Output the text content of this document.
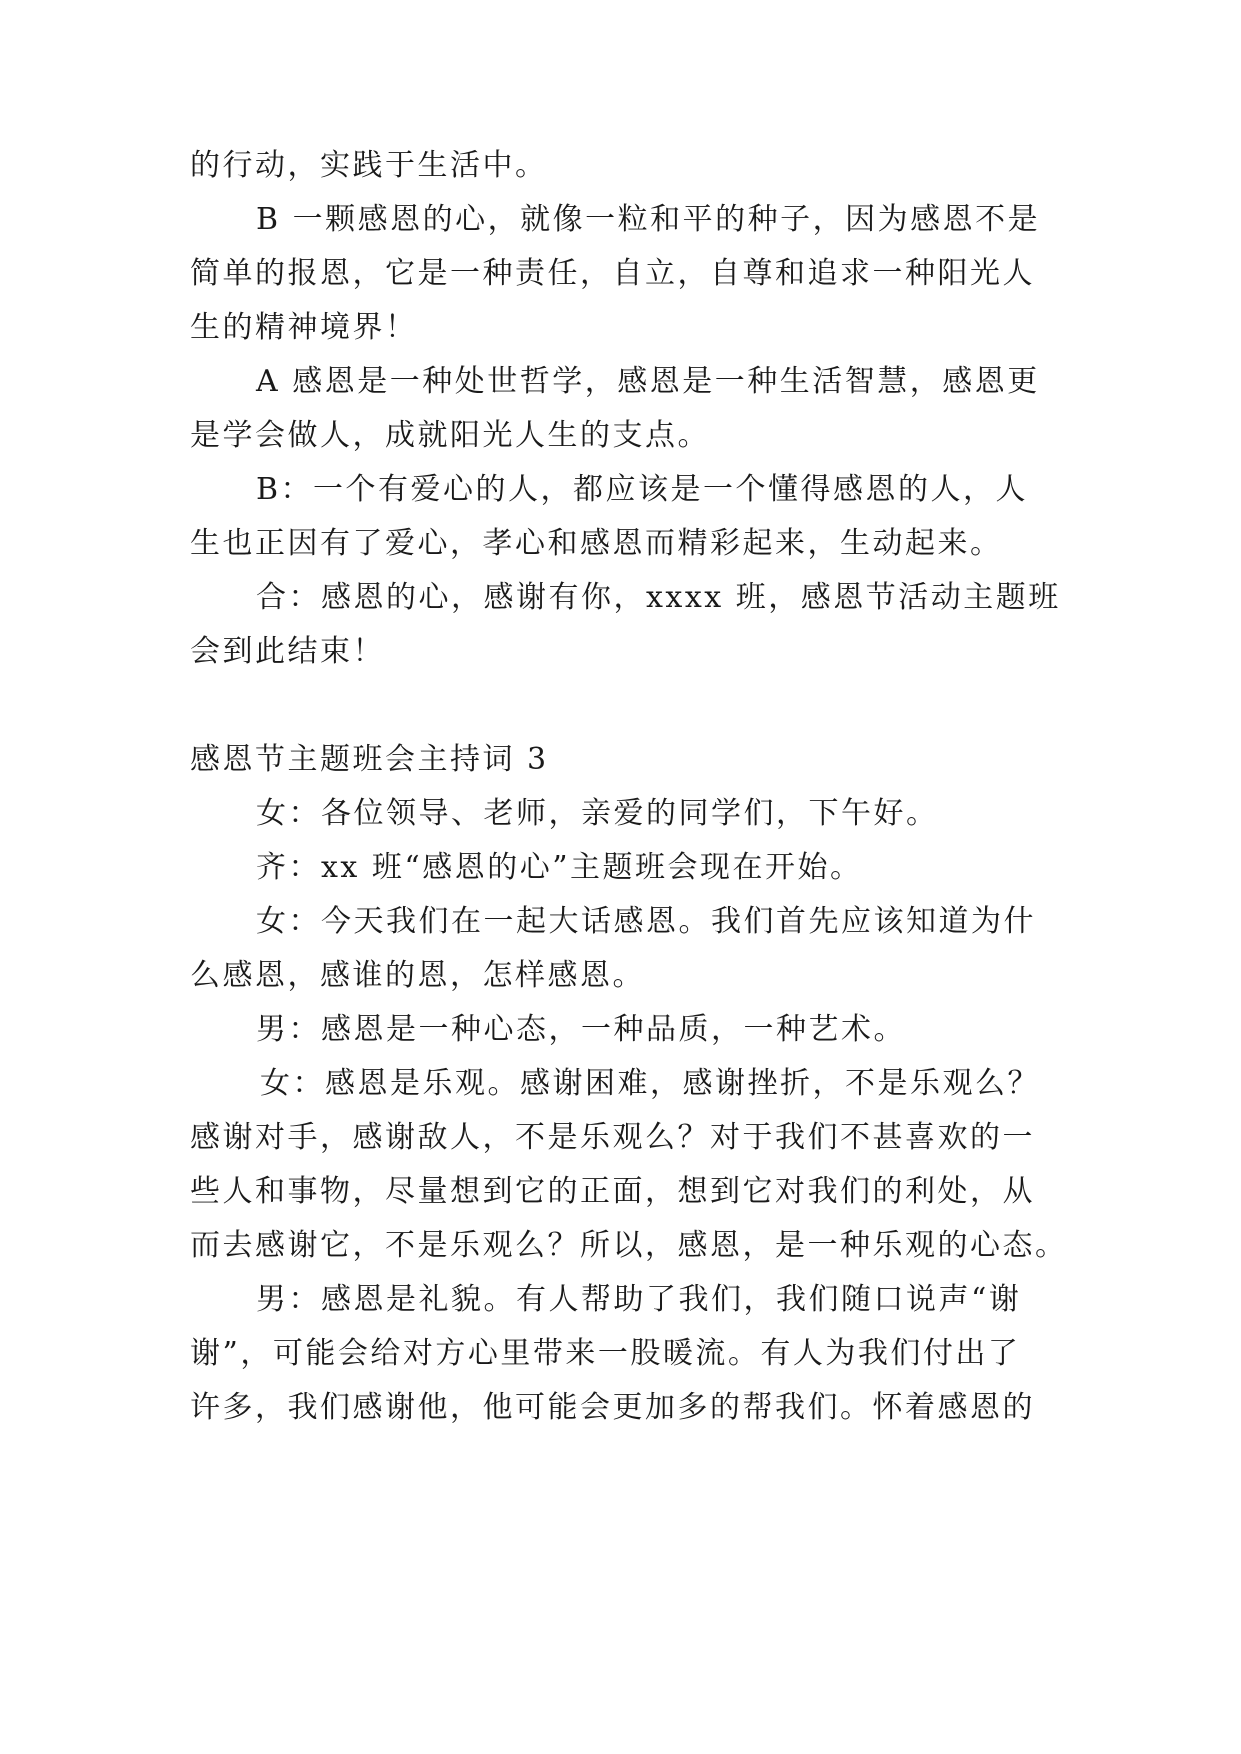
的行动，实践于生活中。
B 一颗感恩的心，就像一粒和平的种子，因为感恩不是
简单的报恩，它是一种责任，自立，自尊和追求一种阳光人
生的精神境界！
A 感恩是一种处世哲学，感恩是一种生活智慧，感恩更
是学会做人，成就阳光人生的支点。
B：一个有爱心的人，都应该是一个懂得感恩的人，人
生也正因有了爱心，孝心和感恩而精彩起来，生动起来。
合：感恩的心，感谢有你，xxxx 班，感恩节活动主题班
会到此结束！
感恩节主题班会主持词 3
女：各位领导、老师，亲爱的同学们，下午好。
齐：xx 班“感恩的心”主题班会现在开始。
女：今天我们在一起大话感恩。我们首先应该知道为什
么感恩，感谁的恩，怎样感恩。
男：感恩是一种心态，一种品质，一种艺术。
女：感恩是乐观。感谢困难，感谢挫折，不是乐观么？
感谢对手，感谢敌人，不是乐观么？对于我们不甚喜欢的一
些人和事物，尽量想到它的正面，想到它对我们的利处，从
而去感谢它，不是乐观么？所以，感恩，是一种乐观的心态。
男：感恩是礼貌。有人帮助了我们，我们随口说声“谢
谢”，可能会给对方心里带来一股暖流。有人为我们付出了
许多，我们感谢他，他可能会更加多的帮我们。怀着感恩的
